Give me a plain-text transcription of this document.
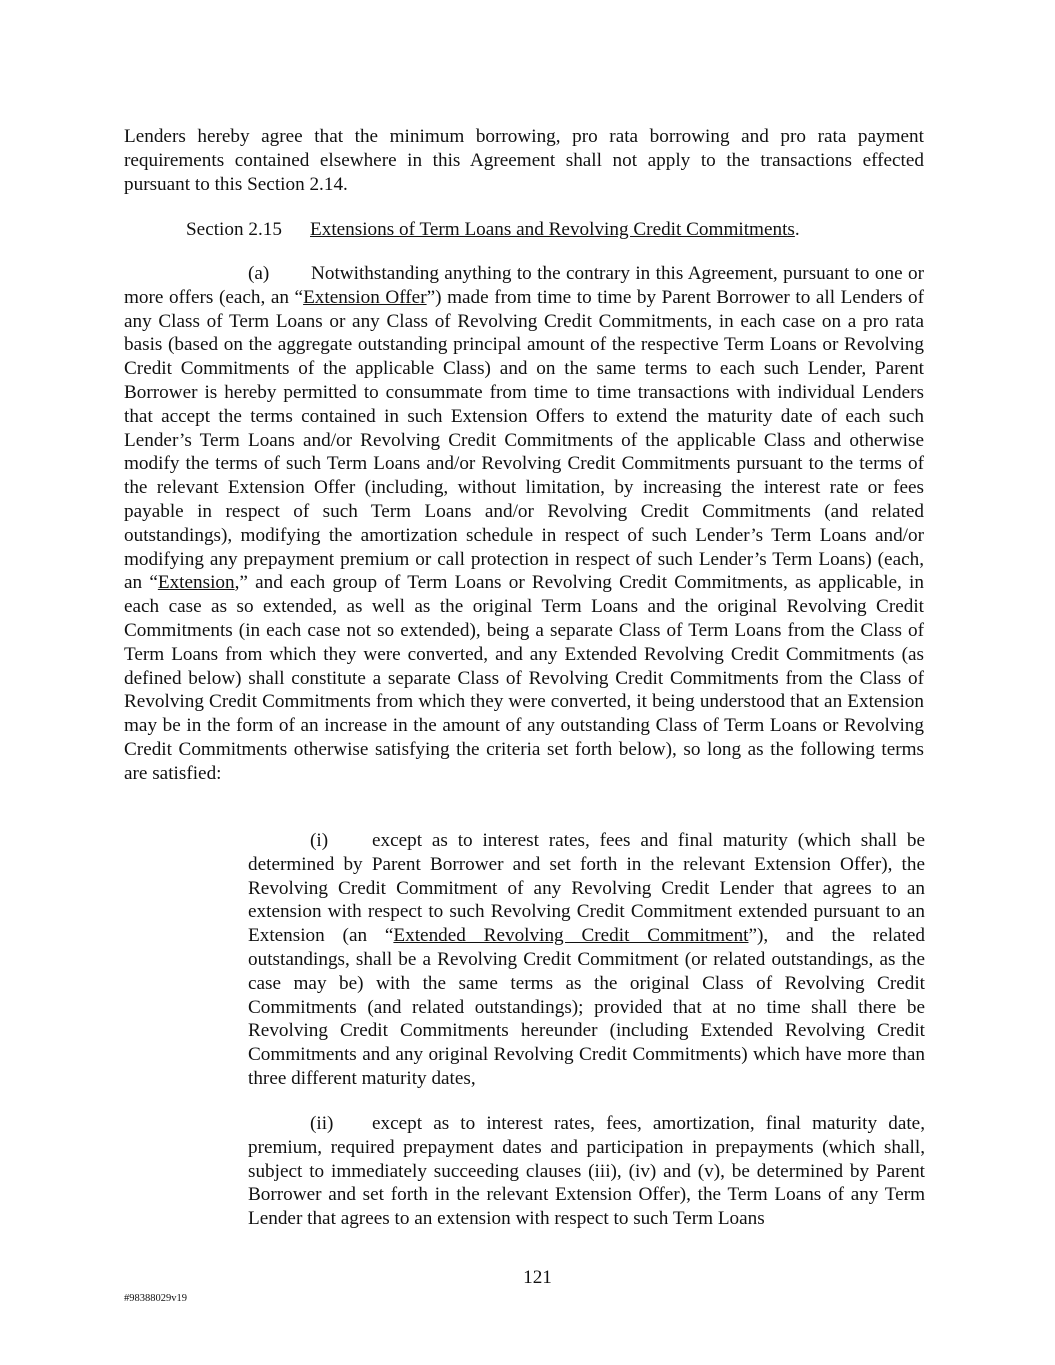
Lenders hereby agree that the minimum borrowing, pro rata borrowing and pro rata payment requirements contained elsewhere in this Agreement shall not apply to the transactions effected pursuant to this Section 2.14.

Section 2.15 Extensions of Term Loans and Revolving Credit Commitments.

(a) Notwithstanding anything to the contrary in this Agreement, pursuant to one or more offers (each, an “Extension Offer”) made from time to time by Parent Borrower to all Lenders of any Class of Term Loans or any Class of Revolving Credit Commitments, in each case on a pro rata basis (based on the aggregate outstanding principal amount of the respective Term Loans or Revolving Credit Commitments of the applicable Class) and on the same terms to each such Lender, Parent Borrower is hereby permitted to consummate from time to time transactions with individual Lenders that accept the terms contained in such Extension Offers to extend the maturity date of each such Lender’s Term Loans and/or Revolving Credit Commitments of the applicable Class and otherwise modify the terms of such Term Loans and/or Revolving Credit Commitments pursuant to the terms of the relevant Extension Offer (including, without limitation, by increasing the interest rate or fees payable in respect of such Term Loans and/or Revolving Credit Commitments (and related outstandings), modifying the amortization schedule in respect of such Lender’s Term Loans and/or modifying any prepayment premium or call protection in respect of such Lender’s Term Loans) (each, an “Extension,” and each group of Term Loans or Revolving Credit Commitments, as applicable, in each case as so extended, as well as the original Term Loans and the original Revolving Credit Commitments (in each case not so extended), being a separate Class of Term Loans from the Class of Term Loans from which they were converted, and any Extended Revolving Credit Commitments (as defined below) shall constitute a separate Class of Revolving Credit Commitments from the Class of Revolving Credit Commitments from which they were converted, it being understood that an Extension may be in the form of an increase in the amount of any outstanding Class of Term Loans or Revolving Credit Commitments otherwise satisfying the criteria set forth below), so long as the following terms are satisfied:

(i) except as to interest rates, fees and final maturity (which shall be determined by Parent Borrower and set forth in the relevant Extension Offer), the Revolving Credit Commitment of any Revolving Credit Lender that agrees to an extension with respect to such Revolving Credit Commitment extended pursuant to an Extension (an “Extended Revolving Credit Commitment”), and the related outstandings, shall be a Revolving Credit Commitment (or related outstandings, as the case may be) with the same terms as the original Class of Revolving Credit Commitments (and related outstandings); provided that at no time shall there be Revolving Credit Commitments hereunder (including Extended Revolving Credit Commitments and any original Revolving Credit Commitments) which have more than three different maturity dates,

(ii) except as to interest rates, fees, amortization, final maturity date, premium, required prepayment dates and participation in prepayments (which shall, subject to immediately succeeding clauses (iii), (iv) and (v), be determined by Parent Borrower and set forth in the relevant Extension Offer), the Term Loans of any Term Lender that agrees to an extension with respect to such Term Loans

121
#98388029v19
